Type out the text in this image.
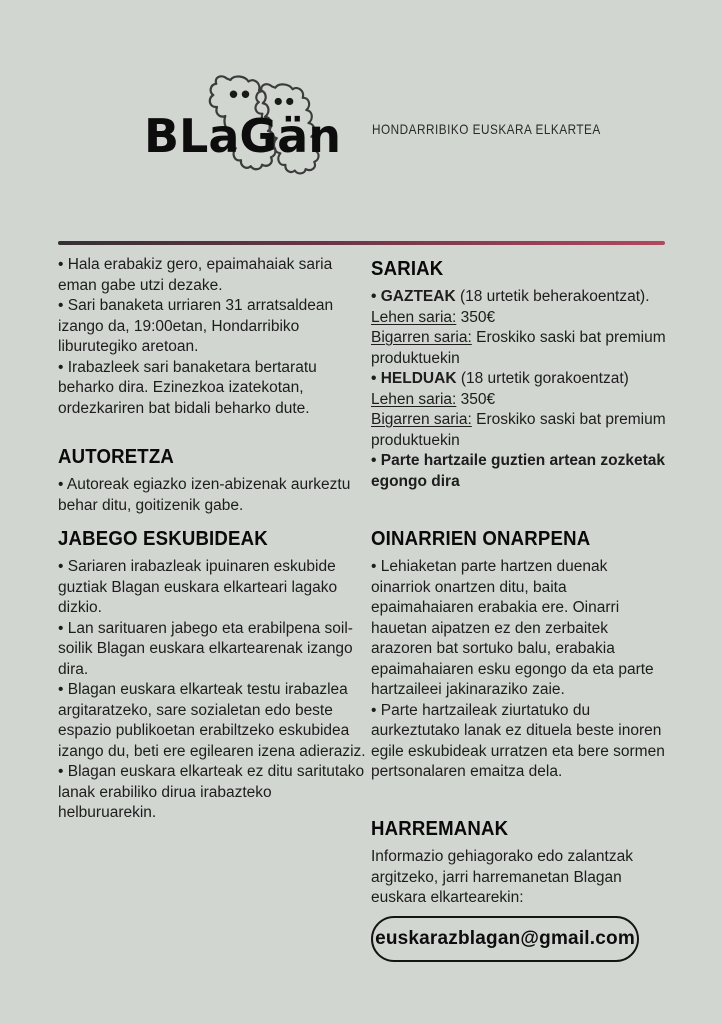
BLaGän HONDARRIBIKO EUSKARA ELKARTEA

• Hala erabakiz gero, epaimahaiak saria eman gabe utzi dezake.

• Sari banaketa urriaren 31 arratsaldean izango da, 19:00etan, Hondarribiko liburutegiko aretoan.

• Irabazleek sari banaketara bertaratu beharko dira. Ezinezkoa izatekotan, ordezkariren bat bidali beharko dute.

AUTORETZA

• Autoreak egiazko izen-abizenak aurkeztu behar ditu, goitizenik gabe.

JABEGO ESKUBIDEAK

• Sariaren irabazleak ipuinaren eskubide guztiak Blagan euskara elkarteari lagako dizkio.

• Lan sarituaren jabego eta erabilpena soil-soilik Blagan euskara elkartearenak izango dira.

• Blagan euskara elkarteak testu irabazlea argitaratzeko, sare sozialetan edo beste espazio publikoetan erabiltzeko eskubidea izango du, beti ere egilearen izena adieraziz.

• Blagan euskara elkarteak ez ditu saritutako lanak erabiliko dirua irabazteko helburuarekin.

SARIAK

• GAZTEAK (18 urtetik beherakoentzat).

Lehen saria: 350€

Bigarren saria: Eroskiko saski bat premium produktuekin

• HELDUAK (18 urtetik gorakoentzat)

Lehen saria: 350€

Bigarren saria: Eroskiko saski bat premium produktuekin

• Parte hartzaile guztien artean zozketak egongo dira

OINARRIEN ONARPENA

• Lehiaketan parte hartzen duenak oinarriok onartzen ditu, baita epaimahaiaren erabakia ere. Oinarri hauetan aipatzen ez den zerbaitek arazoren bat sortuko balu, erabakia epaimahaiaren esku egongo da eta parte hartzaileei jakinaraziko zaie.

• Parte hartzaileak ziurtatuko du aurkeztutako lanak ez dituela beste inoren egile eskubideak urratzen eta bere sormen pertsonalaren emaitza dela.

HARREMANAK

Informazio gehiagorako edo zalantzak argitzeko, jarri harremanetan Blagan euskara elkartearekin:

euskarazblagan@gmail.com
